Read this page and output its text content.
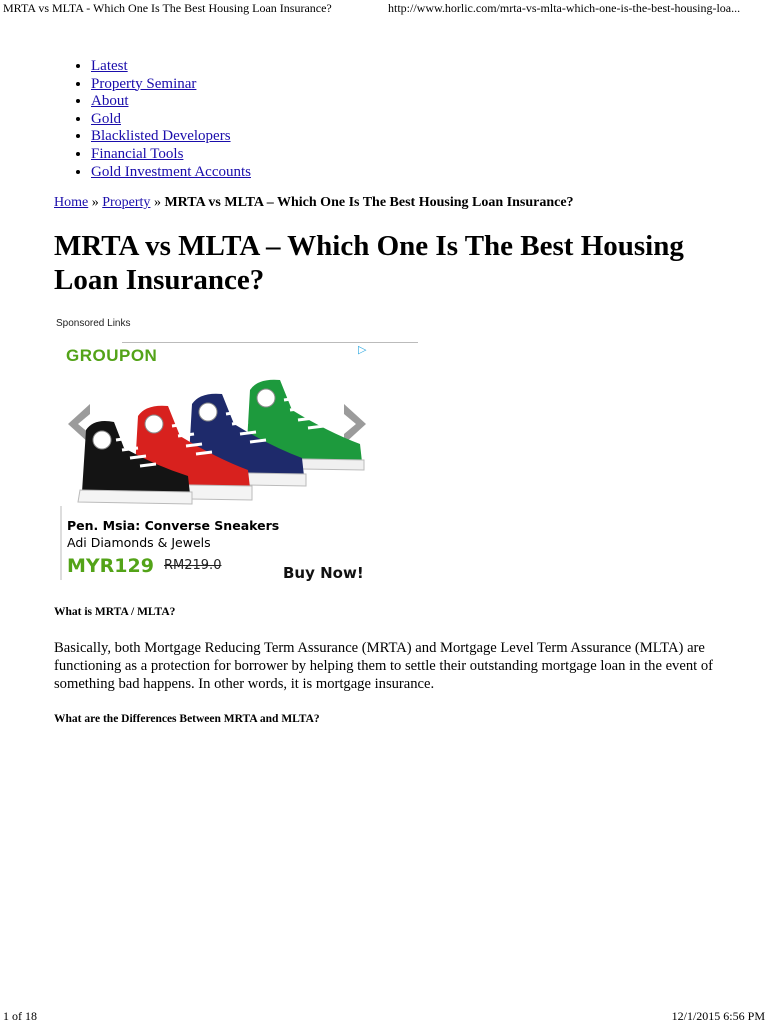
MRTA vs MLTA - Which One Is The Best Housing Loan Insurance?	http://www.horlic.com/mrta-vs-mlta-which-one-is-the-best-housing-loa...
• Latest
• Property Seminar
• About
• Gold
• Blacklisted Developers
• Financial Tools
• Gold Investment Accounts
Home » Property » MRTA vs MLTA – Which One Is The Best Housing Loan Insurance?
MRTA vs MLTA – Which One Is The Best Housing Loan Insurance?
Sponsored Links
GROUPON	▷
Pen. Msia: Converse Sneakers
Adi Diamonds & Jewels
MYR129 RM219.0	Buy Now!
What is MRTA / MLTA?

Basically, both Mortgage Reducing Term Assurance (MRTA) and Mortgage Level Term Assurance (MLTA) are functioning as a protection for borrower by helping them to settle their outstanding mortgage loan in the event of something bad happens. In other words, it is mortgage insurance.

What are the Differences Between MRTA and MLTA?
1 of 18	12/1/2015 6:56 PM
